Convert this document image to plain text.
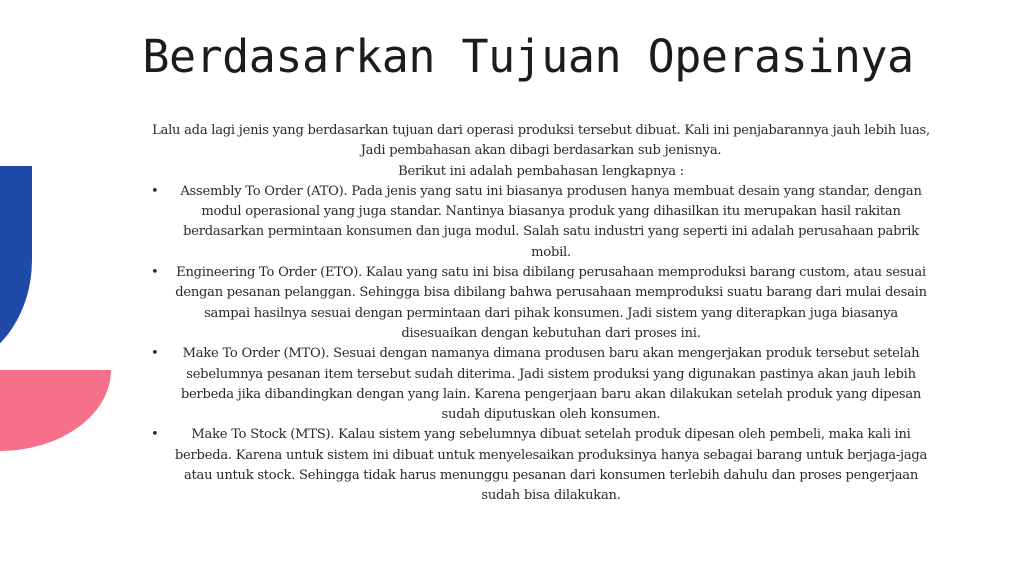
Berdasarkan Tujuan Operasinya

Lalu ada lagi jenis yang berdasarkan tujuan dari operasi produksi tersebut dibuat. Kali ini penjabarannya jauh lebih luas, Jadi pembahasan akan dibagi berdasarkan sub jenisnya.

Berikut ini adalah pembahasan lengkapnya :

• Assembly To Order (ATO). Pada jenis yang satu ini biasanya produsen hanya membuat desain yang standar, dengan modul operasional yang juga standar. Nantinya biasanya produk yang dihasilkan itu merupakan hasil rakitan berdasarkan permintaan konsumen dan juga modul. Salah satu industri yang seperti ini adalah perusahaan pabrik mobil.
• Engineering To Order (ETO). Kalau yang satu ini bisa dibilang perusahaan memproduksi barang custom, atau sesuai dengan pesanan pelanggan. Sehingga bisa dibilang bahwa perusahaan memproduksi suatu barang dari mulai desain sampai hasilnya sesuai dengan permintaan dari pihak konsumen. Jadi sistem yang diterapkan juga biasanya disesuaikan dengan kebutuhan dari proses ini.
• Make To Order (MTO). Sesuai dengan namanya dimana produsen baru akan mengerjakan produk tersebut setelah sebelumnya pesanan item tersebut sudah diterima. Jadi sistem produksi yang digunakan pastinya akan jauh lebih berbeda jika dibandingkan dengan yang lain. Karena pengerjaan baru akan dilakukan setelah produk yang dipesan sudah diputuskan oleh konsumen.
•	Make To Stock (MTS). Kalau sistem yang sebelumnya dibuat setelah produk dipesan oleh pembeli, maka kali ini berbeda. Karena untuk sistem ini dibuat untuk menyelesaikan produksinya hanya sebagai barang untuk berjaga-jaga atau untuk stock. Sehingga tidak harus menunggu pesanan dari konsumen terlebih dahulu dan proses pengerjaan sudah bisa dilakukan.
